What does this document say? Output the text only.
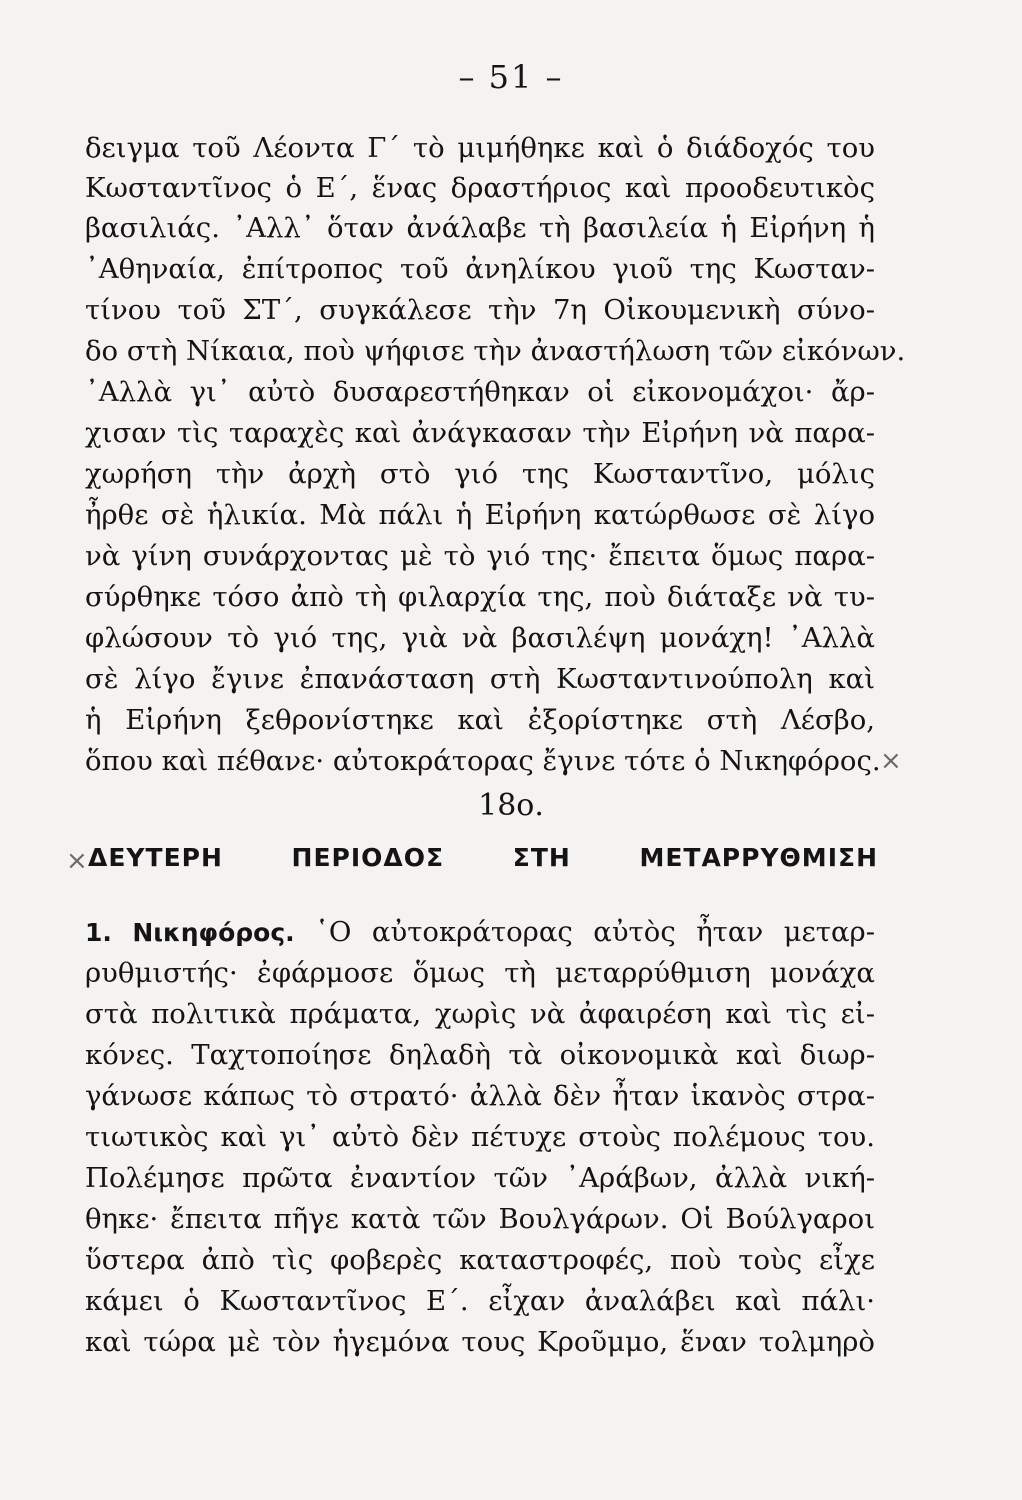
– 51 –
δειγμα τοῦ Λέοντα Γ΄ τὸ μιμήθηκε καὶ ὁ διάδοχός του
Κωσταντῖνος ὁ Ε΄, ἕνας δραστήριος καὶ προοδευτικὸς
βασιλιάς. ᾿Αλλ᾿ ὅταν ἀνάλαβε τὴ βασιλεία ἡ Εἰρήνη ἡ
᾿Αθηναία, ἐπίτροπος τοῦ ἀνηλίκου γιοῦ της Κωσταν-
τίνου τοῦ ΣΤ΄, συγκάλεσε τὴν 7η Οἰκουμενικὴ σύνο-
δο στὴ Νίκαια, ποὺ ψήφισε τὴν ἀναστήλωση τῶν εἰκόνων.
᾿Αλλὰ γι᾿ αὐτὸ δυσαρεστήθηκαν οἱ εἰκονομάχοι· ἄρ-
χισαν τὶς ταραχὲς καὶ ἀνάγκασαν τὴν Εἰρήνη νὰ παρα-
χωρήση τὴν ἀρχὴ στὸ γιό της Κωσταντῖνο, μόλις
ἦρθε σὲ ἡλικία. Μὰ πάλι ἡ Εἰρήνη κατώρθωσε σὲ λίγο
νὰ γίνη συνάρχοντας μὲ τὸ γιό της· ἔπειτα ὅμως παρα-
σύρθηκε τόσο ἀπὸ τὴ φιλαρχία της, ποὺ διάταξε νὰ τυ-
φλώσουν τὸ γιό της, γιὰ νὰ βασιλέψη μονάχη! ᾿Αλλὰ
σὲ λίγο ἔγινε ἐπανάσταση στὴ Κωσταντινούπολη καὶ
ἡ Εἰρήνη ξεθρονίστηκε καὶ ἐξορίστηκε στὴ Λέσβο,
ὅπου καὶ πέθανε· αὐτοκράτορας ἔγινε τότε ὁ Νικηφόρος. ×
18ο.
× ΔΕΥΤΕΡΗ ΠΕΡΙΟΔΟΣ ΣΤΗ ΜΕΤΑΡΡΥΘΜΙΣΗ
1. Νικηφόρος. ῾Ο αὐτοκράτορας αὐτὸς ἦταν μεταρ-
ρυθμιστής· ἐφάρμοσε ὅμως τὴ μεταρρύθμιση μονάχα
στὰ πολιτικὰ πράματα, χωρὶς νὰ ἀφαιρέση καὶ τὶς εἰ-
κόνες. Ταχτοποίησε δηλαδὴ τὰ οἰκονομικὰ καὶ διωρ-
γάνωσε κάπως τὸ στρατό· ἀλλὰ δὲν ἦταν ἱκανὸς στρα-
τιωτικὸς καὶ γι᾿ αὐτὸ δὲν πέτυχε στοὺς πολέμους του.
Πολέμησε πρῶτα ἐναντίον τῶν ᾿Αράβων, ἀλλὰ νική-
θηκε· ἔπειτα πῆγε κατὰ τῶν Βουλγάρων. Οἱ Βούλγαροι
ὕστερα ἀπὸ τὶς φοβερὲς καταστροφές, ποὺ τοὺς εἶχε
κάμει ὁ Κωσταντῖνος Ε΄. εἶχαν ἀναλάβει καὶ πάλι·
καὶ τώρα μὲ τὸν ἡγεμόνα τους Κροῦμμο, ἕναν τολμηρὸ
